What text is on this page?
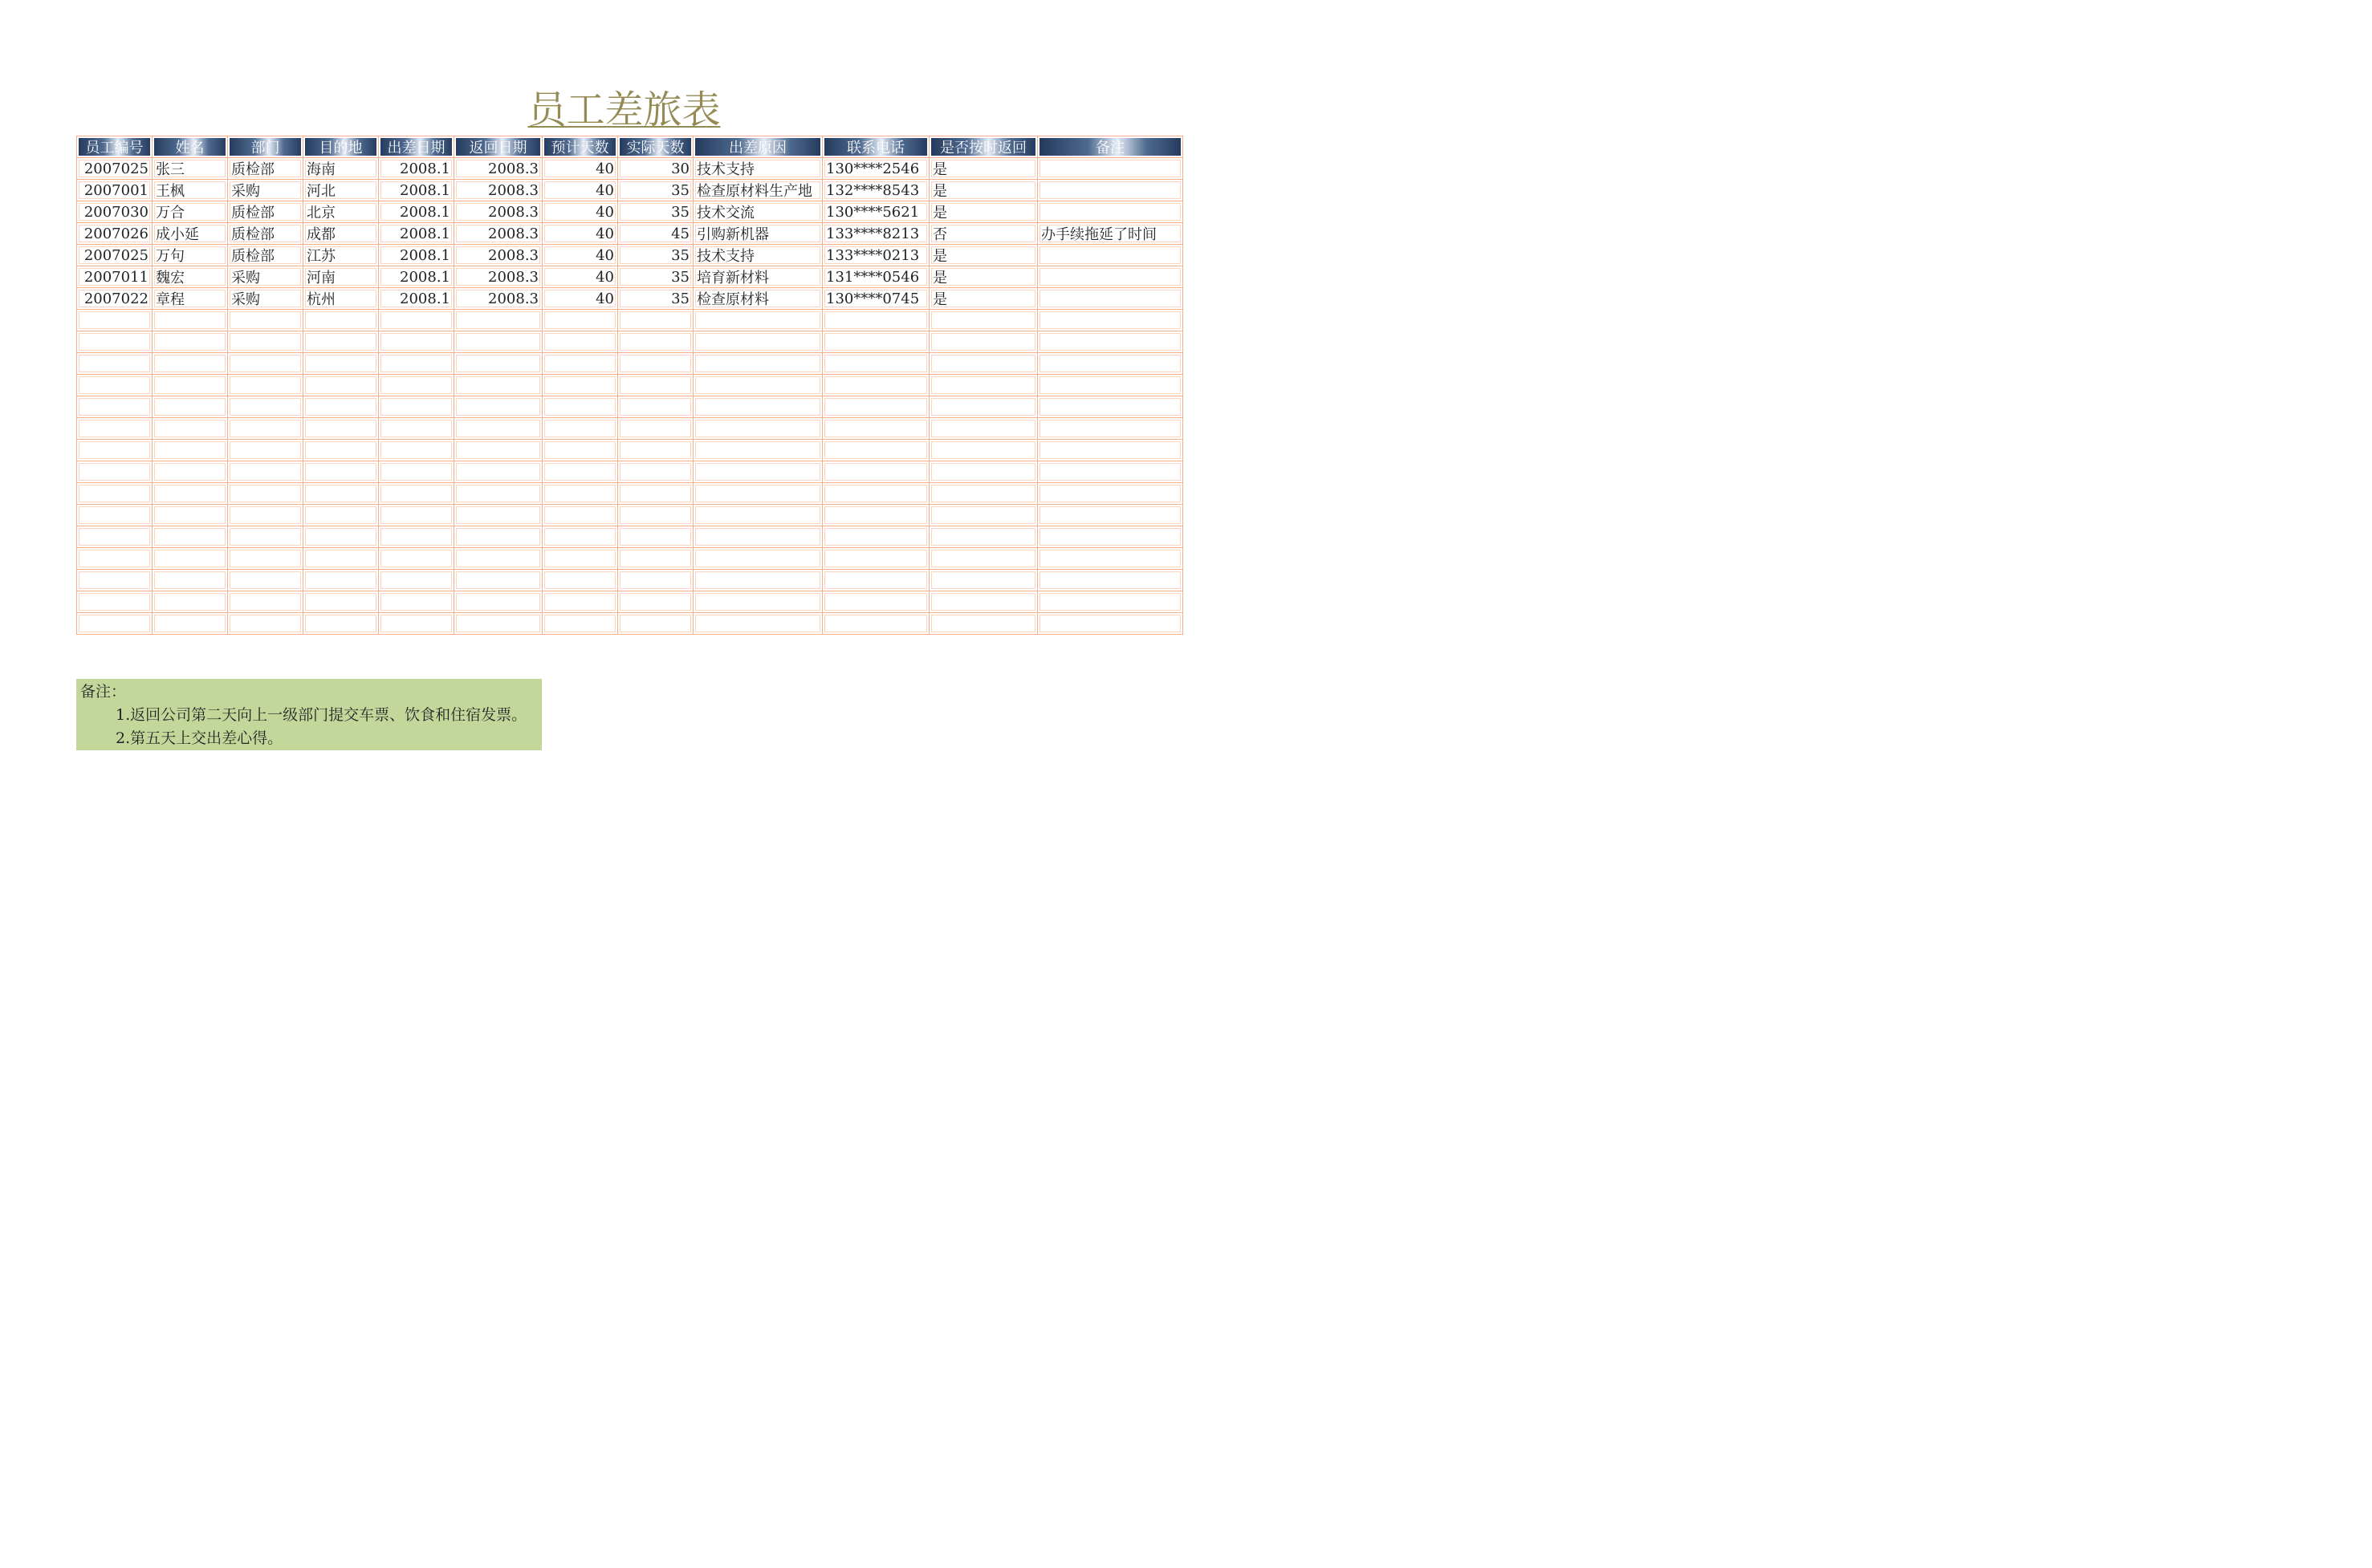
员工差旅表
员工编号	姓名	部门	目的地	出差日期	返回日期	预计天数	实际天数	出差原因	联系电话	是否按时返回	备注
2007025	张三	质检部	海南	2008.1	2008.3	40	30	技术支持	130****2546	是	
2007001	王枫	采购	河北	2008.1	2008.3	40	35	检查原材料生产地	132****8543	是	
2007030	万合	质检部	北京	2008.1	2008.3	40	35	技术交流	130****5621	是	
2007026	成小延	质检部	成都	2008.1	2008.3	40	45	引购新机器	133****8213	否	办手续拖延了时间
2007025	万句	质检部	江苏	2008.1	2008.3	40	35	技术支持	133****0213	是	
2007011	魏宏	采购	河南	2008.1	2008.3	40	35	培育新材料	131****0546	是	
2007022	章程	采购	杭州	2008.1	2008.3	40	35	检查原材料	130****0745	是	

备注：
1.返回公司第二天向上一级部门提交车票、饮食和住宿发票。
2.第五天上交出差心得。
